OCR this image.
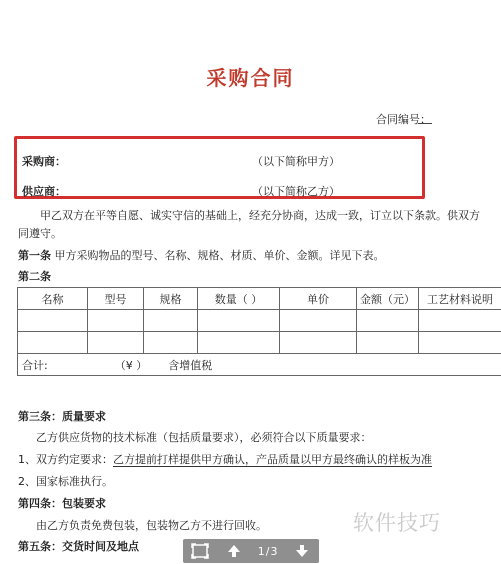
采购合同
合同编号：
采购商：	（以下简称甲方）
供应商：	（以下简称乙方）
甲乙双方在平等自愿、诚实守信的基础上，经充分协商，达成一致，订立以下条款。供双方
同遵守。
第一条 甲方采购物品的型号、名称、规格、材质、单价、金额。详见下表。
第二条
名称	型号	规格	数量（ ）	单价	金额（元）	工艺材料说明

合计: （¥ ） 含增值税						
第三条：质量要求
乙方供应货物的技术标准（包括质量要求），必须符合以下质量要求：
1、双方约定要求：乙方提前打样提供甲方确认，产品质量以甲方最终确认的样板为准
2、国家标准执行。
第四条：包装要求
由乙方负责免费包装，包装物乙方不进行回收。
第五条：交货时间及地点
软件技巧
1/3
